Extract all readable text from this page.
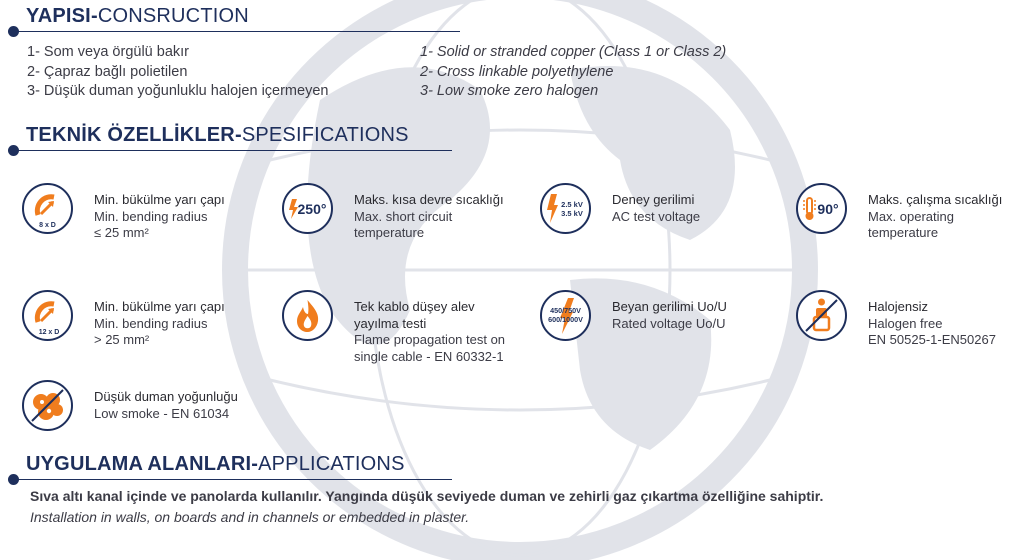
YAPISI-CONSRUCTION
1- Som veya örgülü bakır
2- Çapraz bağlı polietilen
3- Düşük duman yoğunluklu halojen içermeyen
1- Solid or stranded copper (Class 1 or Class 2)
2- Cross linkable polyethylene
3- Low smoke zero halogen
TEKNİK ÖZELLİKLER-SPESIFICATIONS
8 x D
Min. bükülme yarı çapı
Min. bending radius
≤ 25 mm²
250°
Maks. kısa devre sıcaklığı
Max. short circuit
temperature
2.5 kV
3.5 kV
Deney gerilimi
AC test voltage	90°
Maks. çalışma sıcaklığı
Max. operating
temperature
12 x D
Min. bükülme yarı çapı
Min. bending radius
> 25 mm²
Tek kablo düşey alev
yayılma testi
Flame propagation test on
single cable - EN 60332-1
450/750V
600/1000V
Beyan gerilimi Uo/U
Rated voltage Uo/U
Halojensiz
Halogen free
EN 50525-1-EN50267
Düşük duman yoğunluğu
Low smoke - EN 61034
UYGULAMA ALANLARI-APPLICATIONS
Sıva altı kanal içinde ve panolarda kullanılır. Yangında düşük seviyede duman ve zehirli gaz çıkartma özelliğine sahiptir.
Installation in walls, on boards and in channels or embedded in plaster.
